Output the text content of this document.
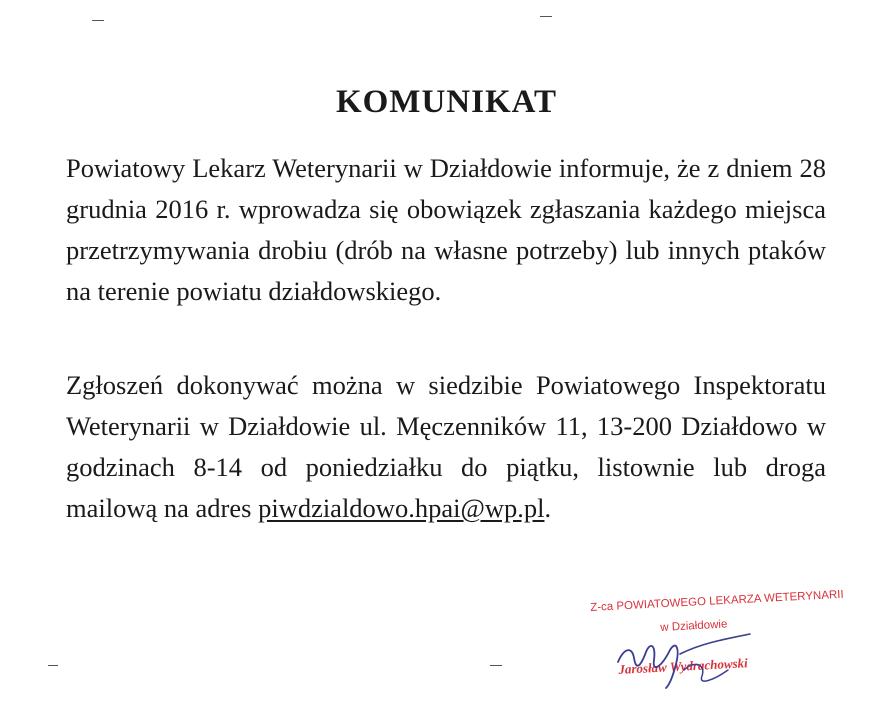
KOMUNIKAT

Powiatowy Lekarz Weterynarii w Działdowie informuje, że z dniem 28 grudnia 2016 r. wprowadza się obowiązek zgłaszania każdego miejsca przetrzymywania drobiu (drób na własne potrzeby) lub innych ptaków na terenie powiatu działdowskiego.

Zgłoszeń dokonywać można w siedzibie Powiatowego Inspektoratu Weterynarii w Działdowie ul. Męczenników 11, 13-200 Działdowo w godzinach 8-14 od poniedziałku do piątku, listownie lub droga mailową na adres piwdzialdowo.hpai@wp.pl.

Z-ca POWIATOWEGO LEKARZA WETERYNARII
w Działdowie
Jarosław Wydrachowski
